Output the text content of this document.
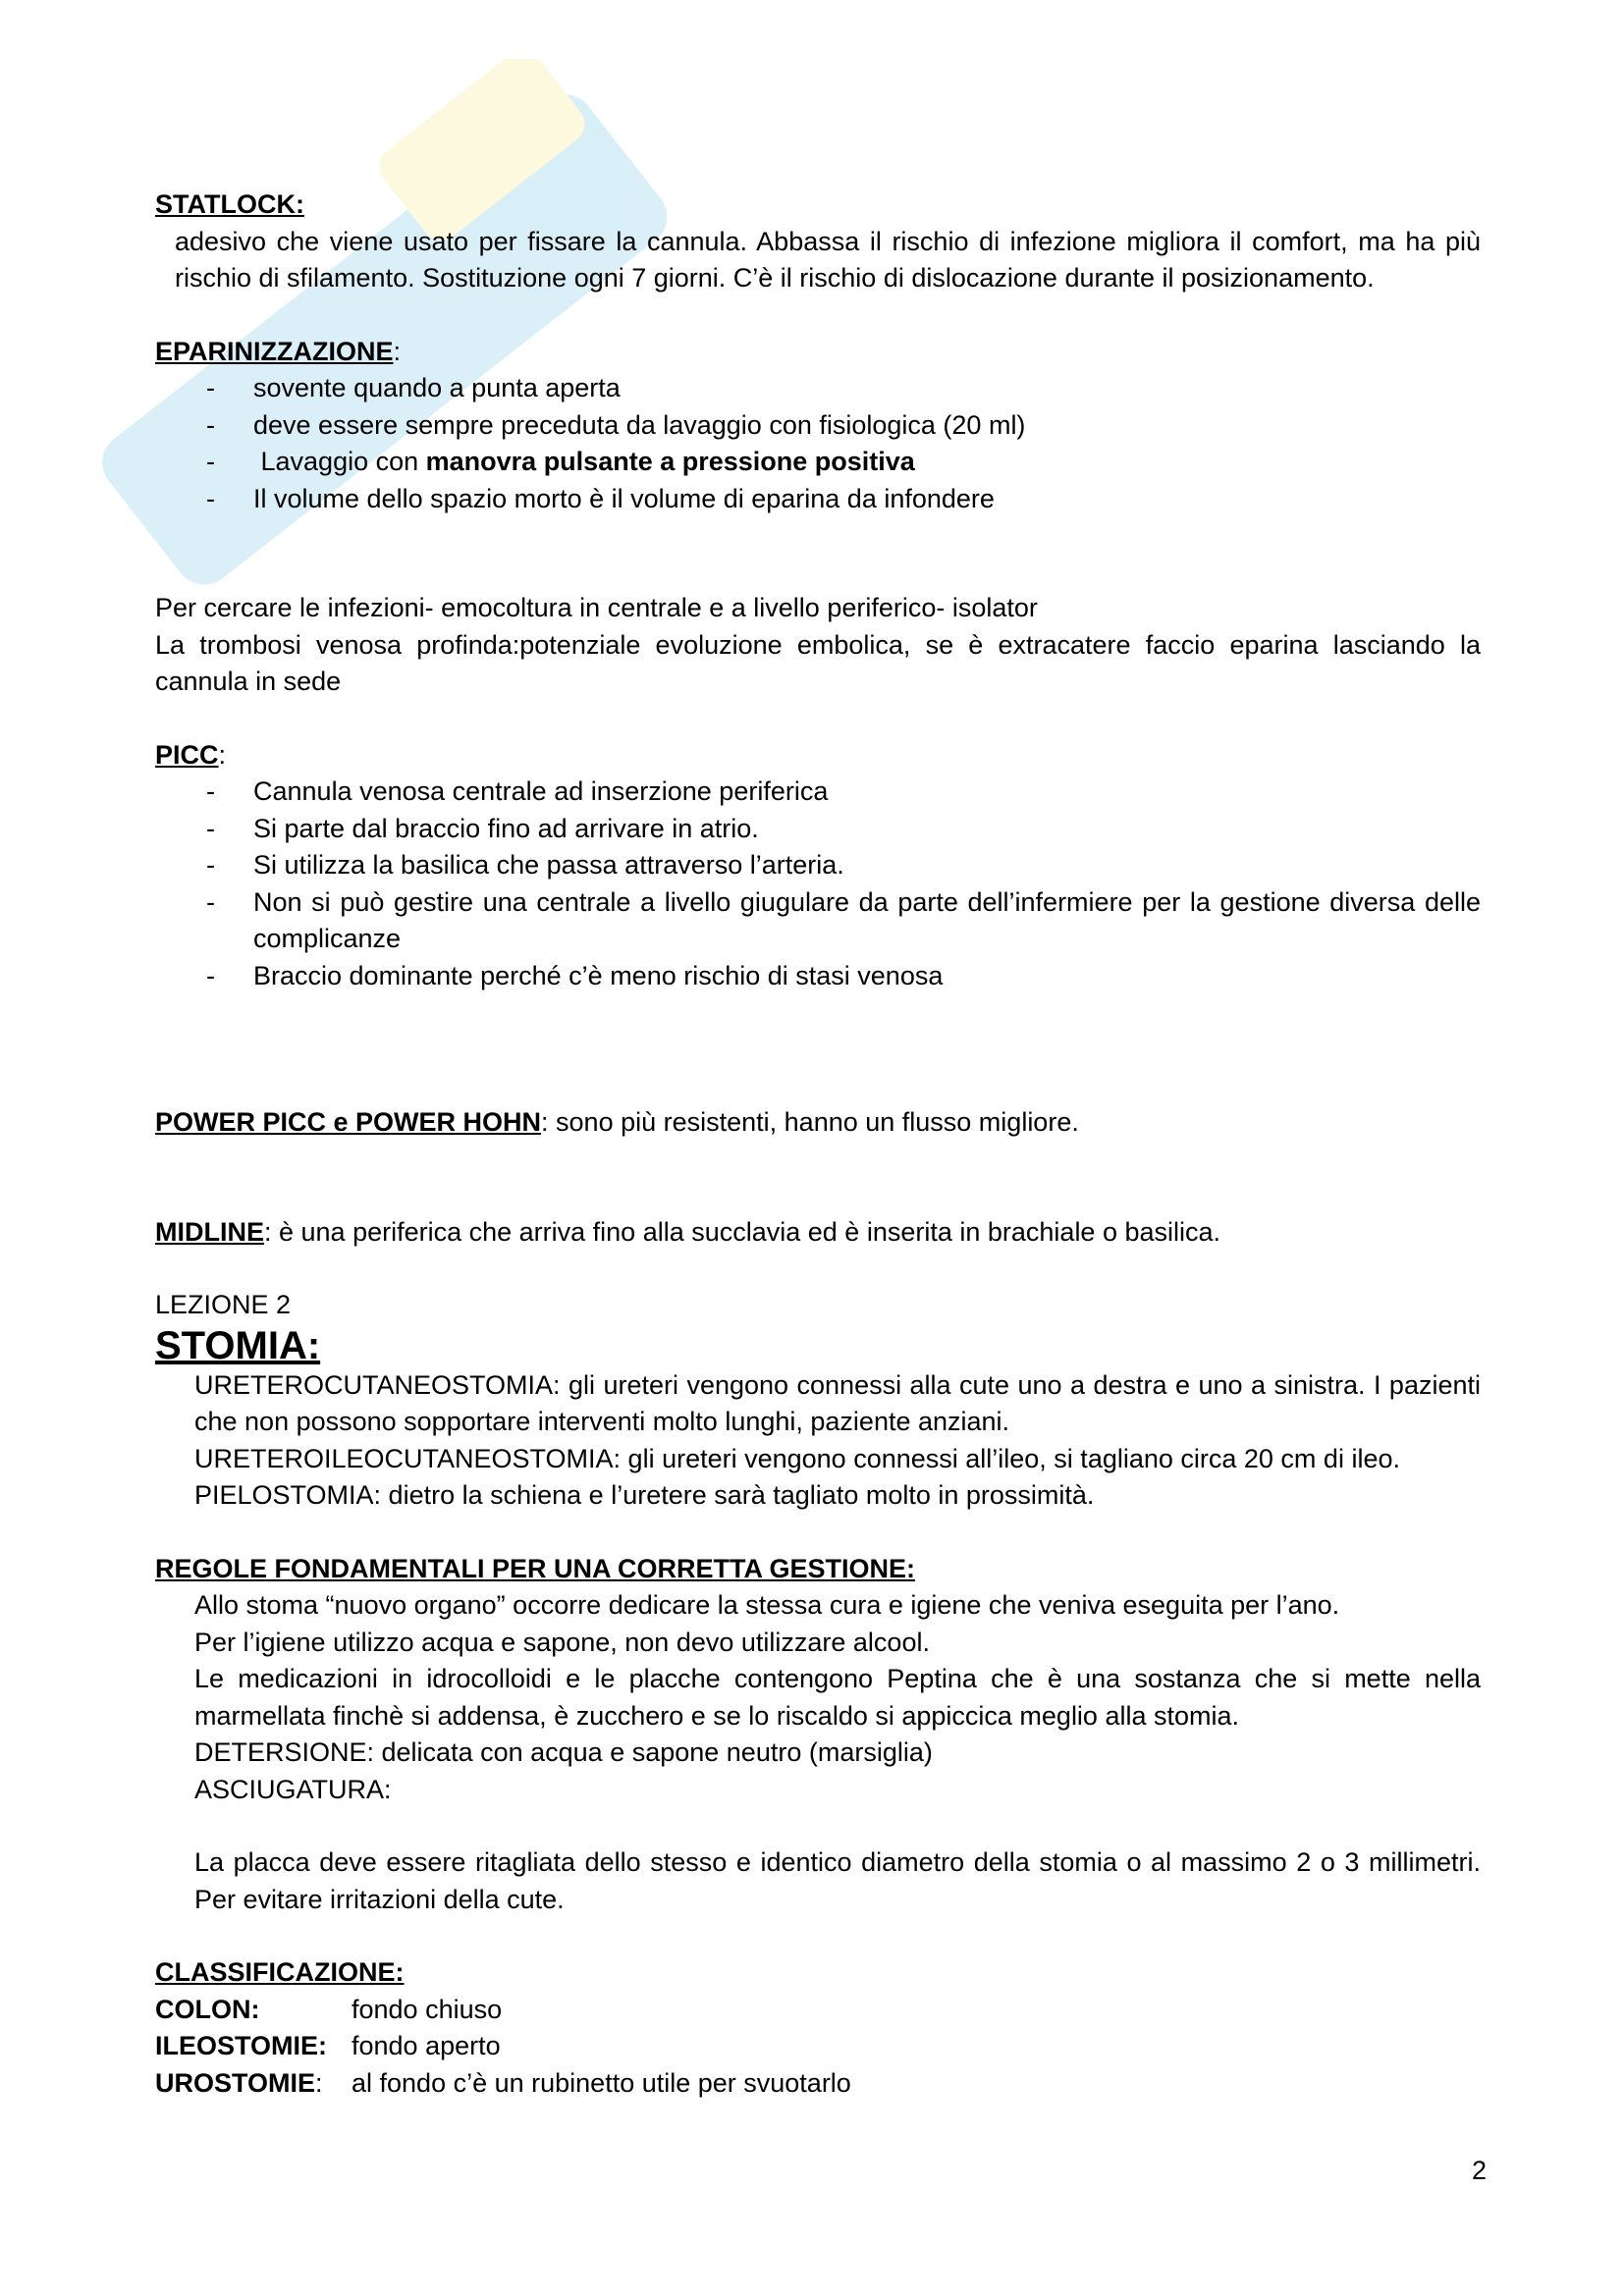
STATLOCK:
adesivo che viene usato per fissare la cannula. Abbassa il rischio di infezione migliora il comfort, ma ha più rischio di sfilamento. Sostituzione ogni 7 giorni. C’è il rischio di dislocazione durante il posizionamento.
EPARINIZZAZIONE:
- sovente quando a punta aperta
- deve essere sempre preceduta da lavaggio con fisiologica (20 ml)
- Lavaggio con manovra pulsante a pressione positiva
- Il volume dello spazio morto è il volume di eparina da infondere
Per cercare le infezioni- emocoltura in centrale e a livello periferico- isolator
La trombosi venosa profinda:potenziale evoluzione embolica, se è extracatere faccio eparina lasciando la cannula in sede
PICC:
- Cannula venosa centrale ad inserzione periferica
- Si parte dal braccio fino ad arrivare in atrio.
- Si utilizza la basilica che passa attraverso l’arteria.
- Non si può gestire una centrale a livello giugulare da parte dell’infermiere per la gestione diversa delle complicanze
- Braccio dominante perché c’è meno rischio di stasi venosa
POWER PICC e POWER HOHN: sono più resistenti, hanno un flusso migliore.
MIDLINE: è una periferica che arriva fino alla succlavia ed è inserita in brachiale o basilica.
LEZIONE 2
STOMIA:
URETEROCUTANEOSTOMIA: gli ureteri vengono connessi alla cute uno a destra e uno a sinistra. I pazienti che non possono sopportare interventi molto lunghi, paziente anziani.
URETEROILEOCUTANEOSTOMIA: gli ureteri vengono connessi all’ileo, si tagliano circa 20 cm di ileo.
PIELOSTOMIA: dietro la schiena e l’uretere sarà tagliato molto in prossimità.
REGOLE FONDAMENTALI PER UNA CORRETTA GESTIONE:
Allo stoma “nuovo organo” occorre dedicare la stessa cura e igiene che veniva eseguita per l’ano.
Per l’igiene utilizzo acqua e sapone, non devo utilizzare alcool.
Le medicazioni in idrocolloidi e le placche contengono Peptina che è una sostanza che si mette nella marmellata finchè si addensa, è zucchero e se lo riscaldo si appiccica meglio alla stomia.
DETERSIONE: delicata con acqua e sapone neutro (marsiglia)
ASCIUGATURA:
La placca deve essere ritagliata dello stesso e identico diametro della stomia o al massimo 2 o 3 millimetri. Per evitare irritazioni della cute.
CLASSIFICAZIONE:
COLON:	fondo chiuso
ILEOSTOMIE: fondo aperto
UROSTOMIE:	al fondo c’è un rubinetto utile per svuotarlo
2
